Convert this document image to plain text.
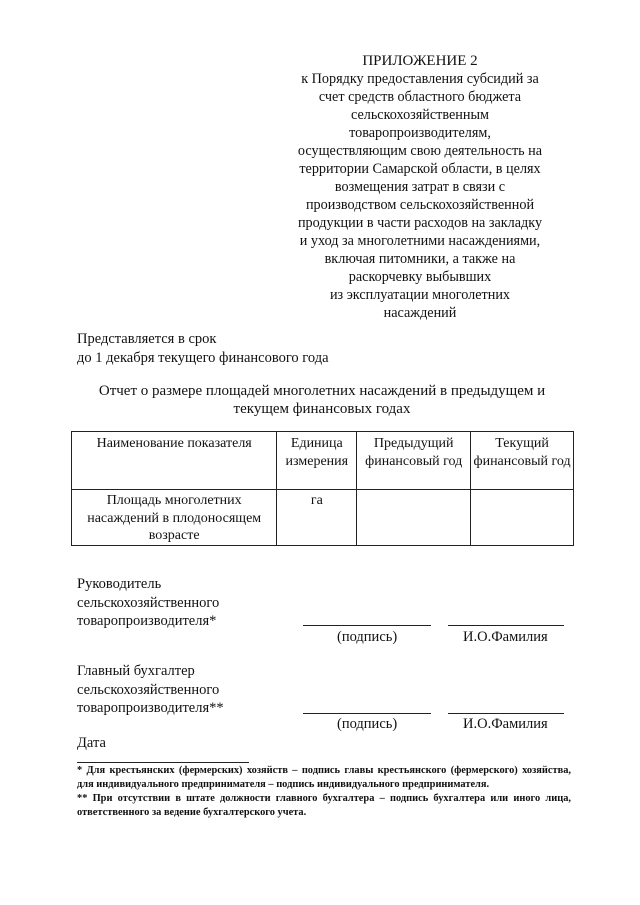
ПРИЛОЖЕНИЕ 2
к Порядку предоставления субсидий за
счет средств областного бюджета
сельскохозяйственным
товаропроизводителям,
осуществляющим свою деятельность на
территории Самарской области, в целях
возмещения затрат в связи с
производством сельскохозяйственной
продукции в части расходов на закладку
и уход за многолетними насаждениями,
включая питомники, а также на
раскорчевку выбывших
из эксплуатации многолетних
насаждений
Представляется в срок
до 1 декабря текущего финансового года
Отчет о размере площадей многолетних насаждений в предыдущем и
текущем финансовых годах
Наименование показателя	Единица измерения	Предыдущий финансовый год	Текущий финансовый год
Площадь многолетних насаждений в плодоносящем возрасте	га		
Руководитель
сельскохозяйственного
товаропроизводителя*
(подпись)	И.О.Фамилия
Главный бухгалтер
сельскохозяйственного
товаропроизводителя**
(подпись)	И.О.Фамилия
Дата

* Для крестьянских (фермерских) хозяйств – подпись главы крестьянского (фермерского) хозяйства, для индивидуального предпринимателя – подпись индивидуального предпринимателя.

** При отсутствии в штате должности главного бухгалтера – подпись бухгалтера или иного лица, ответственного за ведение бухгалтерского учета.
